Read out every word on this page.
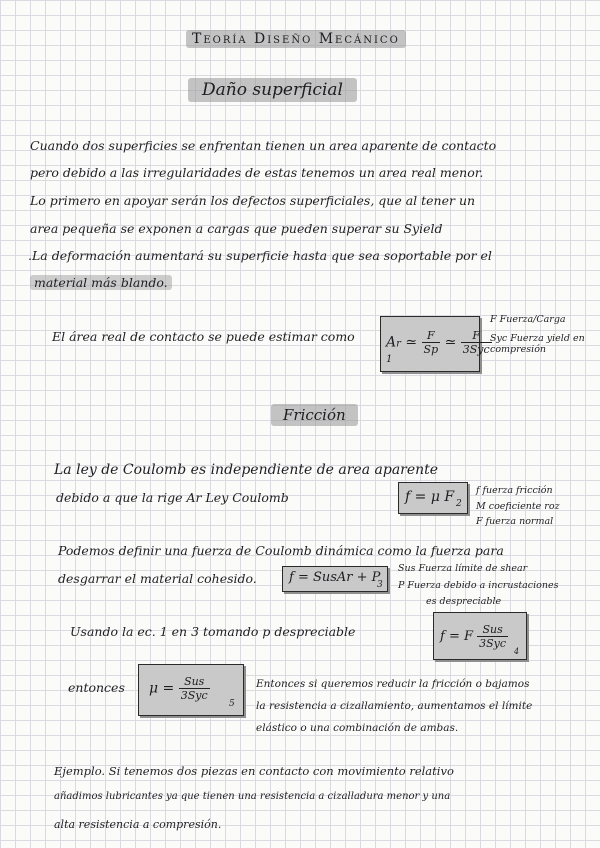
Teoría Diseño Mecánico
Daño superficial
Cuando dos superficies se enfrentan tienen un area aparente de contacto
pero debido a las irregularidades de estas tenemos un area real menor.
Lo primero en apoyar serán los defectos superficiales, que al tener un
area pequeña se exponen a cargas que pueden superar su Syield
.La deformación aumentará su superficie hasta que sea soportable por el
material más blando.
El área real de contacto se puede estimar como Ar ≃ $\frac{F}{Sp}$ ≃ $\frac{F}{\text{3Syc}}$
1
F Fuerza/Carga
Syc Fuerza yield en compresión
Fricción
La ley de Coulomb es independiente de area aparente
debido a que la rige Ar Ley Coulomb	f = μ F 2
f fuerza fricción
M coeficiente roz
F fuerza normal
Podemos definir una fuerza de Coulomb dinámica como la fuerza para
desgarrar el material cohesido. f = SusAr + P
3
Sus Fuerza límite de shear
P Fuerza debido a incrustaciones
es despreciable
Usando la ec. 1 en 3 tomando p despreciable	f = F $\frac{\text{Sus}}{\text{3Syc}}$
4
entonces $\mu = \frac{\text{Sus}}{\text{3Syc}}$
5
Entonces si queremos reducir la fricción o bajamos
la resistencia a cizallamiento, aumentamos el límite
elástico o una combinación de ambas.
Ejemplo. Si tenemos dos piezas en contacto con movimiento relativo
añadimos lubricantes ya que tienen una resistencia a cizalladura menor y una
alta resistencia a compresión.
